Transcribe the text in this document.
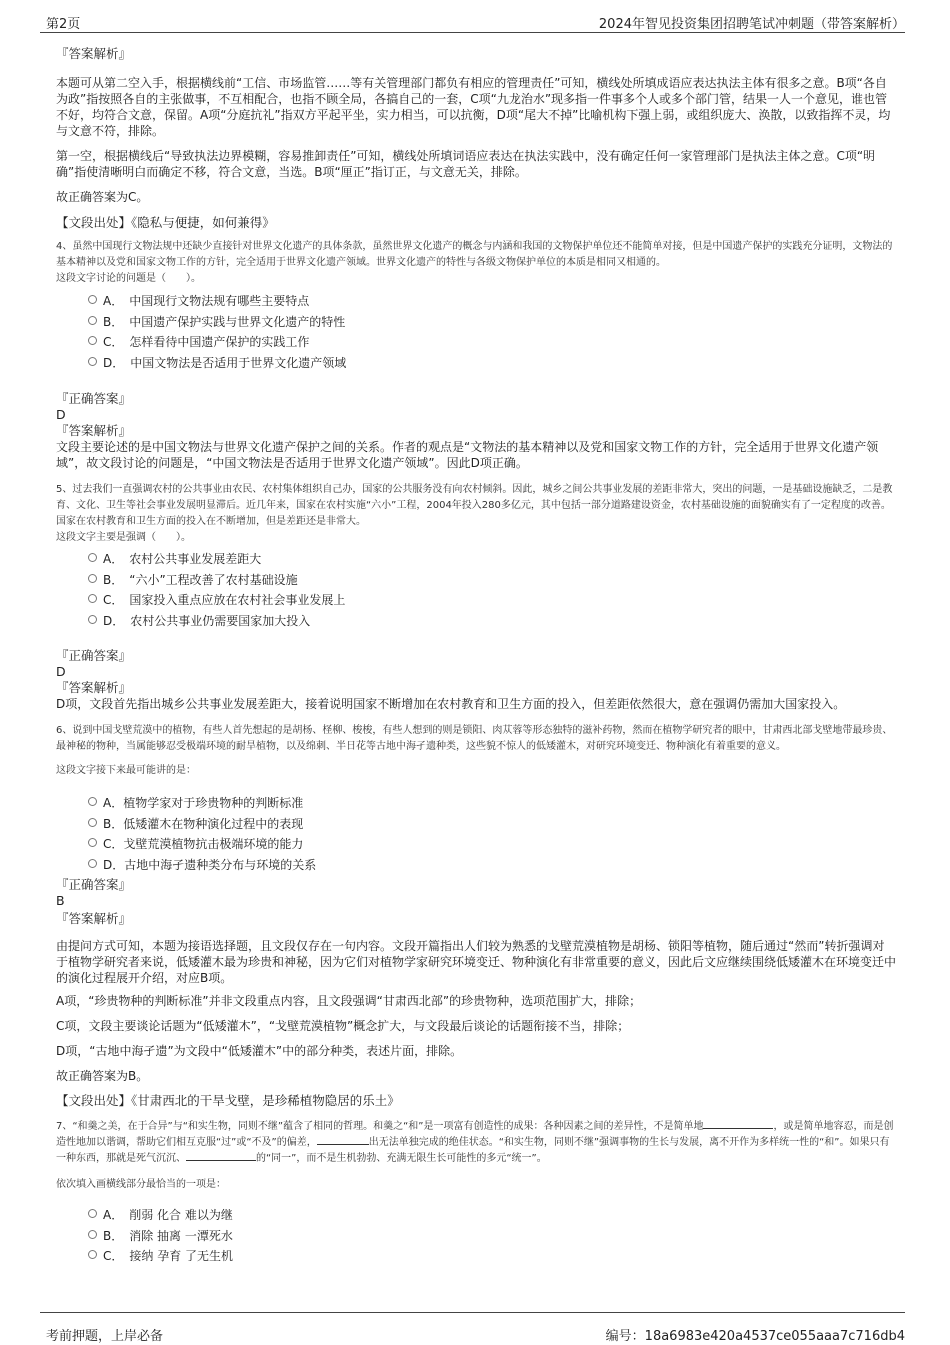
第2页	2024年智见投资集团招聘笔试冲刺题（带答案解析）

『答案解析』

本题可从第二空入手，根据横线前“工信、市场监管……等有关管理部门都负有相应的管理责任”可知，横线处所填成语应表达执法主体有很多之意。B项“各自为政”指按照各自的主张做事，不互相配合，也指不顾全局，各搞自己的一套，C项“九龙治水”现多指一件事多个人或多个部门管，结果一人一个意见，谁也管不好，均符合文意，保留。A项“分庭抗礼”指双方平起平坐，实力相当，可以抗衡，D项“尾大不掉”比喻机构下强上弱，或组织庞大、涣散，以致指挥不灵，均与文意不符，排除。

第一空，根据横线后“导致执法边界模糊，容易推卸责任”可知，横线处所填词语应表达在执法实践中，没有确定任何一家管理部门是执法主体之意。C项“明确”指使清晰明白而确定不移，符合文意，当选。B项“厘正”指订正，与文意无关，排除。

故正确答案为C。

【文段出处】《隐私与便捷，如何兼得》

4、虽然中国现行文物法规中还缺少直接针对世界文化遗产的具体条款，虽然世界文化遗产的概念与内涵和我国的文物保护单位还不能简单对接，但是中国遗产保护的实践充分证明，文物法的基本精神以及党和国家文物工作的方针，完全适用于世界文化遗产领域。世界文化遗产的特性与各级文物保护单位的本质是相同又相通的。

这段文字讨论的问题是（　　）。

A．　中国现行文物法规有哪些主要特点
B．　中国遗产保护实践与世界文化遗产的特性
C．　怎样看待中国遗产保护的实践工作
D．　中国文物法是否适用于世界文化遗产领域

『正确答案』

D

『答案解析』

文段主要论述的是中国文物法与世界文化遗产保护之间的关系。作者的观点是“文物法的基本精神以及党和国家文物工作的方针，完全适用于世界文化遗产领域”，故文段讨论的问题是，“中国文物法是否适用于世界文化遗产领域”。因此D项正确。

5、过去我们一直强调农村的公共事业由农民、农村集体组织自己办，国家的公共服务没有向农村倾斜。因此，城乡之间公共事业发展的差距非常大，突出的问题，一是基础设施缺乏，二是教育、文化、卫生等社会事业发展明显滞后。近几年来，国家在农村实施“六小”工程，2004年投入280多亿元，其中包括一部分道路建设资金，农村基础设施的面貌确实有了一定程度的改善。国家在农村教育和卫生方面的投入在不断增加，但是差距还是非常大。

这段文字主要是强调（　　）。

A．　农村公共事业发展差距大
B．　“六小”工程改善了农村基础设施
C．　国家投入重点应放在农村社会事业发展上
D．　农村公共事业仍需要国家加大投入

『正确答案』

D

『答案解析』

D项，文段首先指出城乡公共事业发展差距大，接着说明国家不断增加在农村教育和卫生方面的投入，但差距依然很大，意在强调仍需加大国家投入。

6、说到中国戈壁荒漠中的植物，有些人首先想起的是胡杨、柽柳、梭梭，有些人想到的则是锁阳、肉苁蓉等形态独特的滋补药物，然而在植物学研究者的眼中，甘肃西北部戈壁地带最珍贵、最神秘的物种，当属能够忍受极端环境的耐旱植物，以及绵刺、半日花等古地中海孑遗种类，这些貌不惊人的低矮灌木，对研究环境变迁、物种演化有着重要的意义。

这段文字接下来最可能讲的是：

A．植物学家对于珍贵物种的判断标准
B．低矮灌木在物种演化过程中的表现
C．戈壁荒漠植物抗击极端环境的能力
D．古地中海孑遗种类分布与环境的关系

『正确答案』

B

『答案解析』

由提问方式可知，本题为接语选择题，且文段仅存在一句内容。文段开篇指出人们较为熟悉的戈壁荒漠植物是胡杨、锁阳等植物，随后通过“然而”转折强调对于植物学研究者来说，低矮灌木最为珍贵和神秘，因为它们对植物学家研究环境变迁、物种演化有非常重要的意义，因此后文应继续围绕低矮灌木在环境变迁中的演化过程展开介绍，对应B项。

A项，“珍贵物种的判断标准”并非文段重点内容，且文段强调“甘肃西北部”的珍贵物种，选项范围扩大，排除；

C项，文段主要谈论话题为“低矮灌木”，“戈壁荒漠植物”概念扩大，与文段最后谈论的话题衔接不当，排除；

D项，“古地中海孑遗”为文段中“低矮灌木”中的部分种类，表述片面，排除。

故正确答案为B。

【文段出处】《甘肃西北的干旱戈壁，是珍稀植物隐居的乐土》

7、“和羹之美，在于合异”与“和实生物，同则不继”蕴含了相同的哲理。和羹之“和”是一项富有创造性的成果：各种因素之间的差异性，不是简单地	，或是简单地容忍，而是创造性地加以谐调，帮助它们相互克服“过”或“不及”的偏差，	出无法单独完成的绝佳状态。“和实生物，同则不继”强调事物的生长与发展，离不开作为多样统一性的“和”。如果只有一种东西，那就是死气沉沉、	的“同一”，而不是生机勃勃、充满无限生长可能性的多元“统一”。

依次填入画横线部分最恰当的一项是：

A．　削弱 化合 难以为继
B．　消除 抽离 一潭死水
C．　接纳 孕育 了无生机
考前押题，上岸必备	编号：18a6983e420a4537ce055aaa7c716db4
